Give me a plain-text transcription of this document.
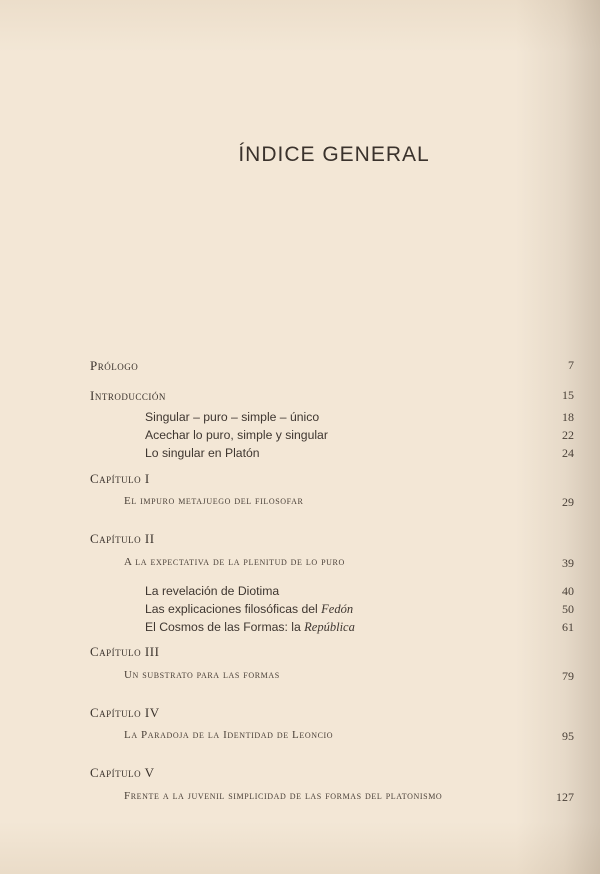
ÍNDICE GENERAL
Prólogo	7
Introducción	15
Singular – puro – simple – único	18
Acechar lo puro, simple y singular	22
Lo singular en Platón	24
Capítulo I
El impuro metajuego del filosofar	29
Capítulo II
A la expectativa de la plenitud de lo puro	39
La revelación de Diotima	40
Las explicaciones filosóficas del Fedón	50
El Cosmos de las Formas: la República	61
Capítulo III
Un substrato para las formas	79
Capítulo IV
La Paradoja de la Identidad de Leoncio	95
Capítulo V
Frente a la juvenil simplicidad de las formas del platonismo	127
